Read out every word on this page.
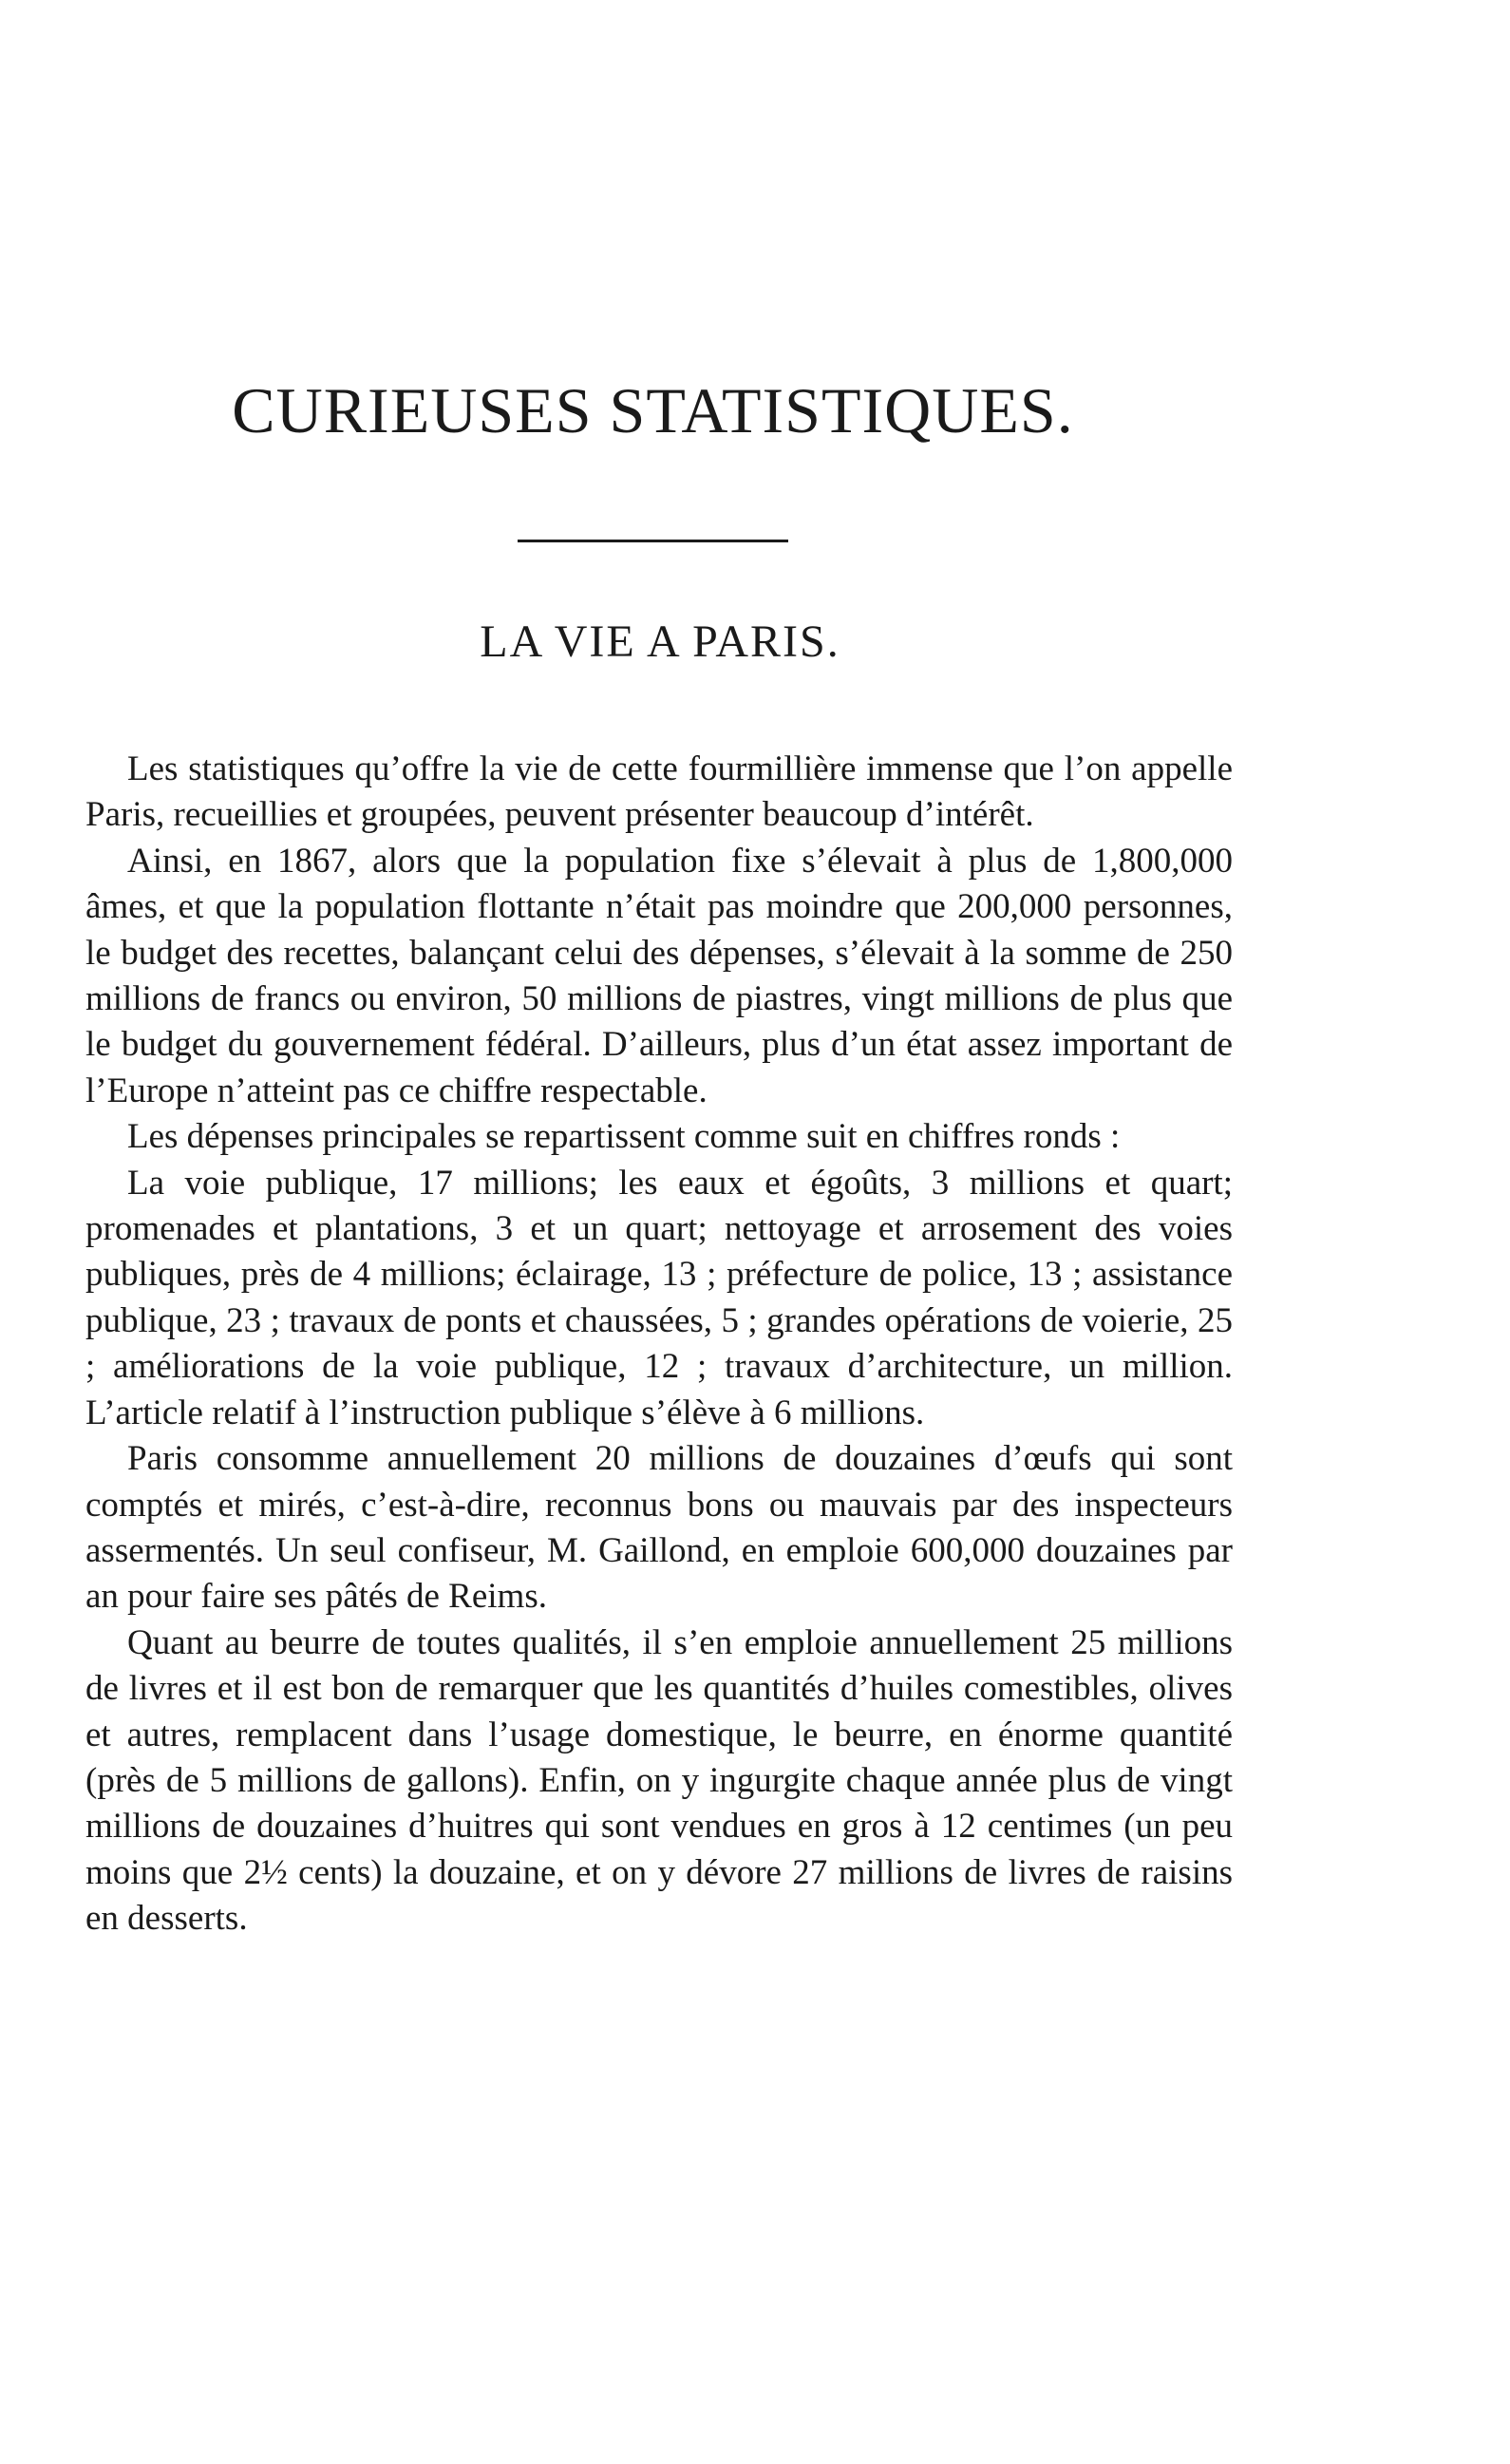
CURIEUSES STATISTIQUES.
LA VIE A PARIS.

Les statistiques qu’offre la vie de cette fourmillière immense que l’on appelle Paris, recueillies et groupées, peuvent présenter beaucoup d’intérêt.

Ainsi, en 1867, alors que la population fixe s’élevait à plus de 1,800,000 âmes, et que la population flottante n’était pas moindre que 200,000 personnes, le budget des recettes, balançant celui des dépenses, s’élevait à la somme de 250 millions de francs ou environ, 50 millions de piastres, vingt millions de plus que le budget du gouvernement fédéral. D’ailleurs, plus d’un état assez important de l’Europe n’atteint pas ce chiffre respectable.

Les dépenses principales se repartissent comme suit en chiffres ronds :

La voie publique, 17 millions; les eaux et égoûts, 3 millions et quart; promenades et plantations, 3 et un quart; nettoyage et arrosement des voies publiques, près de 4 millions; éclairage, 13 ; préfecture de police, 13 ; assistance publique, 23 ; travaux de ponts et chaussées, 5 ; grandes opérations de voierie, 25 ; améliorations de la voie publique, 12 ; travaux d’architecture, un million. L’article relatif à l’instruction publique s’élève à 6 millions.

Paris consomme annuellement 20 millions de douzaines d’œufs qui sont comptés et mirés, c’est-à-dire, reconnus bons ou mauvais par des inspecteurs assermentés. Un seul confiseur, M. Gaillond, en emploie 600,000 douzaines par an pour faire ses pâtés de Reims.

Quant au beurre de toutes qualités, il s’en emploie annuellement 25 millions de livres et il est bon de remarquer que les quantités d’huiles comestibles, olives et autres, remplacent dans l’usage domestique, le beurre, en énorme quantité (près de 5 millions de gallons). Enfin, on y ingurgite chaque année plus de vingt millions de douzaines d’huitres qui sont vendues en gros à 12 centimes (un peu moins que 2½ cents) la douzaine, et on y dévore 27 millions de livres de raisins en desserts.
